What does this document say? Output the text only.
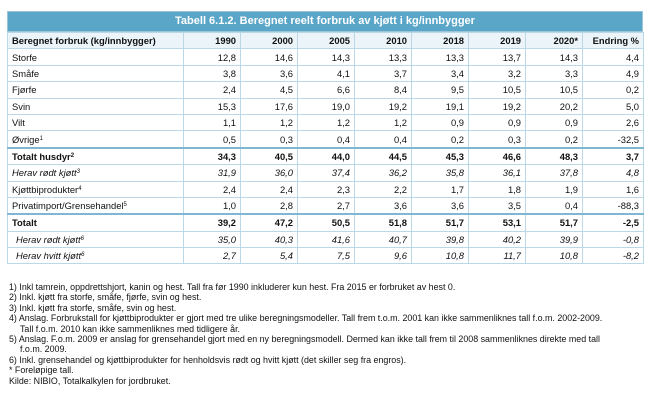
Tabell 6.1.2. Beregnet reelt forbruk av kjøtt i kg/innbygger
Beregnet forbruk (kg/innbygger)	1990	2000	2005	2010	2018	2019	2020*	Endring %
Storfe	12,8	14,6	14,3	13,3	13,3	13,7	14,3	4,4
Småfe	3,8	3,6	4,1	3,7	3,4	3,2	3,3	4,9
Fjørfe	2,4	4,5	6,6	8,4	9,5	10,5	10,5	0,2
Svin	15,3	17,6	19,0	19,2	19,1	19,2	20,2	5,0
Vilt	1,1	1,2	1,2	1,2	0,9	0,9	0,9	2,6
Øvrige$^1$	0,5	0,3	0,4	0,4	0,2	0,3	0,2	-32,5
Totalt husdyr$^2$	34,3	40,5	44,0	44,5	45,3	46,6	48,3	3,7
Herav rødt kjøtt$^3$	31,9	36,0	37,4	36,2	35,8	36,1	37,8	4,8
Kjøttbiprodukter$^4$	2,4	2,4	2,3	2,2	1,7	1,8	1,9	1,6
Privatimport/Grensehandel$^5$	1,0	2,8	2,7	3,6	3,6	3,5	0,4	-88,3
Totalt	39,2	47,2	50,5	51,8	51,7	53,1	51,7	-2,5
Herav rødt kjøtt$^6$	35,0	40,3	41,6	40,7	39,8	40,2	39,9	-0,8
Herav hvitt kjøtt$^6$	2,7	5,4	7,5	9,6	10,8	11,7	10,8	-8,2

1) Inkl tamrein, oppdrettshjort, kanin og hest. Tall fra før 1990 inkluderer kun hest. Fra 2015 er forbruket av hest 0.

2) Inkl. kjøtt fra storfe, småfe, fjørfe, svin og hest.

3) Inkl. kjøtt fra storfe, småfe, svin og hest.

4) Anslag. Forbrukstall for kjøttbiprodukter er gjort med tre ulike beregningsmodeller. Tall frem t.o.m. 2001 kan ikke sammenliknes tall f.o.m. 2002-2009.

Tall f.o.m. 2010 kan ikke sammenliknes med tidligere år.

5) Anslag. F.o.m. 2009 er anslag for grensehandel gjort med en ny beregningsmodell. Dermed kan ikke tall frem til 2008 sammenliknes direkte med tall

f.o.m. 2009.

6) Inkl. grensehandel og kjøttbiprodukter for henholdsvis rødt og hvitt kjøtt (det skiller seg fra engros).

* Foreløpige tall.

Kilde: NIBIO, Totalkalkylen for jordbruket.
